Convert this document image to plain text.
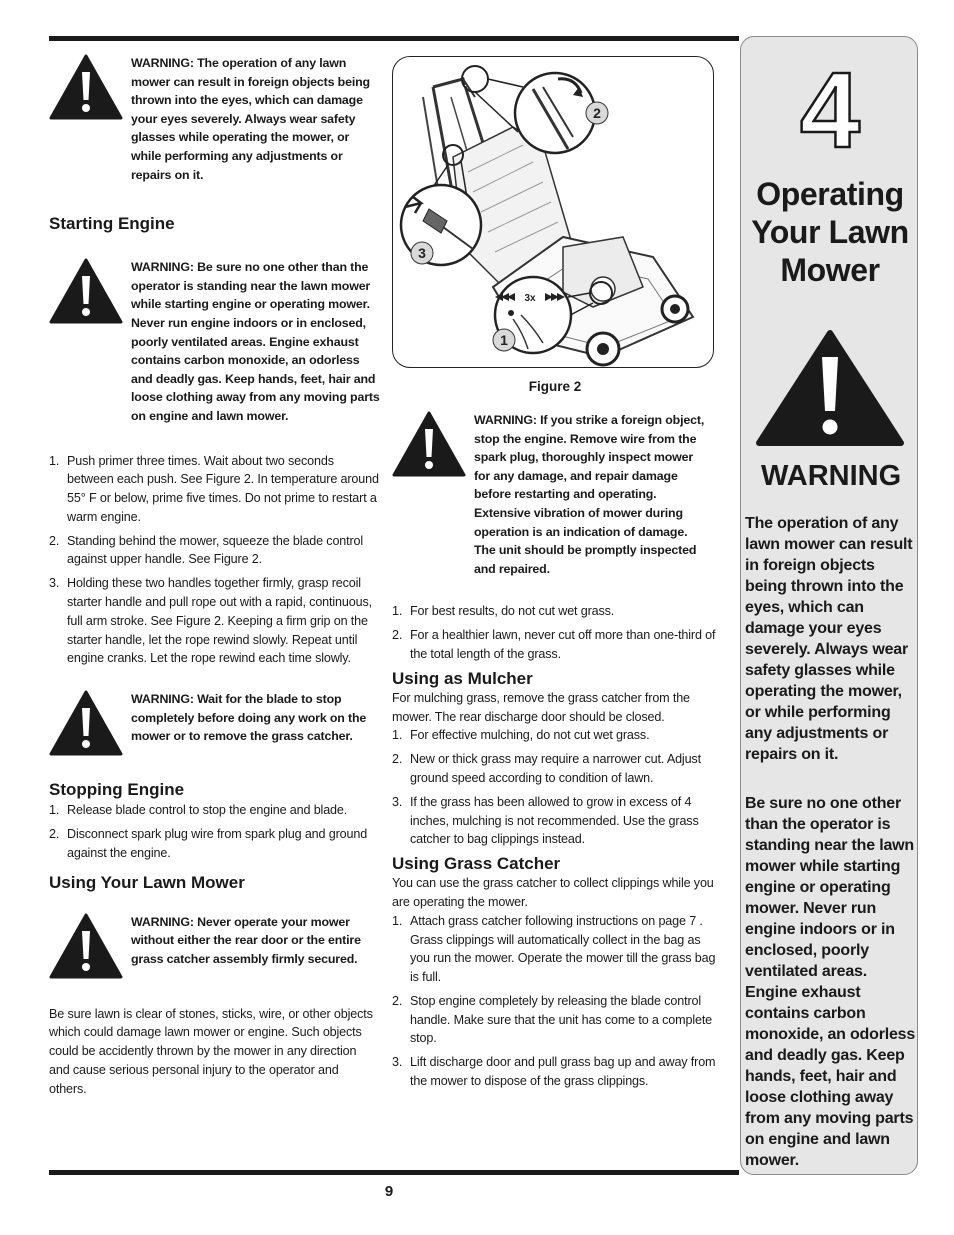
WARNING: The operation of any lawn mower can result in foreign objects being thrown into the eyes, which can damage your eyes severely. Always wear safety glasses while operating the mower, or while performing any adjustments or repairs on it.
Starting Engine
WARNING: Be sure no one other than the operator is standing near the lawn mower while starting engine or operating mower. Never run engine indoors or in enclosed, poorly ventilated areas. Engine exhaust contains carbon monoxide, an odorless and deadly gas. Keep hands, feet, hair and loose clothing away from any moving parts on engine and lawn mower.
1. Push primer three times. Wait about two seconds between each push. See Figure 2. In temperature around 55° F or below, prime five times. Do not prime to restart a warm engine.
2. Standing behind the mower, squeeze the blade control against upper handle. See Figure 2.
3. Holding these two handles together firmly, grasp recoil starter handle and pull rope out with a rapid, continuous, full arm stroke. See Figure 2. Keeping a firm grip on the starter handle, let the rope rewind slowly. Repeat until engine cranks. Let the rope rewind each time slowly.
WARNING: Wait for the blade to stop completely before doing any work on the mower or to remove the grass catcher.
Stopping Engine
1. Release blade control to stop the engine and blade.
2. Disconnect spark plug wire from spark plug and ground against the engine.
Using Your Lawn Mower
WARNING: Never operate your mower without either the rear door or the entire grass catcher assembly firmly secured.

Be sure lawn is clear of stones, sticks, wire, or other objects which could damage lawn mower or engine. Such objects could be accidently thrown by the mower in any direction and cause serious personal injury to the operator and others.

3x
2
3
1
Figure 2
WARNING: If you strike a foreign object, stop the engine. Remove wire from the spark plug, thoroughly inspect mower for any damage, and repair damage before restarting and operating. Extensive vibration of mower during operation is an indication of damage. The unit should be promptly inspected and repaired.
1. For best results, do not cut wet grass.
2. For a healthier lawn, never cut off more than one-third of the total length of the grass.
Using as Mulcher

For mulching grass, remove the grass catcher from the mower. The rear discharge door should be closed.

1. For effective mulching, do not cut wet grass.
2. New or thick grass may require a narrower cut. Adjust ground speed according to condition of lawn.
3. If the grass has been allowed to grow in excess of 4 inches, mulching is not recommended. Use the grass catcher to bag clippings instead.
Using Grass Catcher

You can use the grass catcher to collect clippings while you are operating the mower.

1. Attach grass catcher following instructions on page 7 . Grass clippings will automatically collect in the bag as you run the mower. Operate the mower till the grass bag is full.
2. Stop engine completely by releasing the blade control handle. Make sure that the unit has come to a complete stop.
3. Lift discharge door and pull grass bag up and away from the mower to dispose of the grass clippings.
4
Operating Your Lawn Mower
WARNING
The operation of any lawn mower can result in foreign objects being thrown into the eyes, which can damage your eyes severely. Always wear safety glasses while operating the mower, or while performing any adjustments or repairs on it.
Be sure no one other than the operator is standing near the lawn mower while starting engine or operating mower. Never run engine indoors or in enclosed, poorly ventilated areas. Engine exhaust contains carbon monoxide, an odorless and deadly gas. Keep hands, feet, hair and loose clothing away from any moving parts on engine and lawn mower.
9
